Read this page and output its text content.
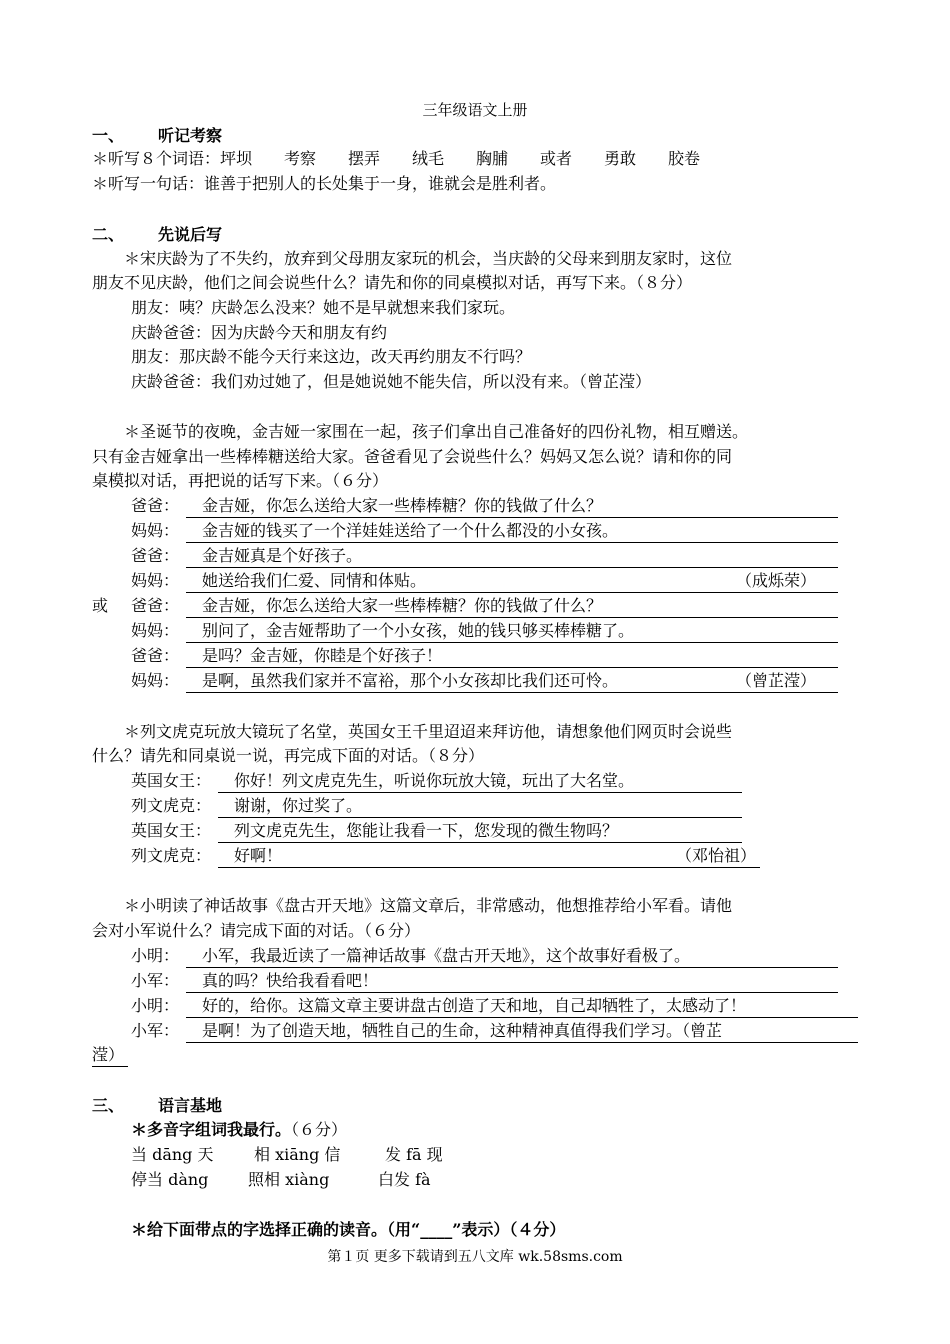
三年级语文上册
一、 听记考察
＊听写８个词语：坪坝　　考察　　摆弄　　绒毛　　胸脯　　或者　　勇敢　　胶卷
＊听写一句话：谁善于把别人的长处集于一身，谁就会是胜利者。
二、 先说后写
＊宋庆龄为了不失约，放弃到父母朋友家玩的机会，当庆龄的父母来到朋友家时，这位
朋友不见庆龄，他们之间会说些什么？请先和你的同桌模拟对话，再写下来。（８分）
朋友：咦？庆龄怎么没来？她不是早就想来我们家玩。
庆龄爸爸：因为庆龄今天和朋友有约
朋友：那庆龄不能今天行来这边，改天再约朋友不行吗？
庆龄爸爸：我们劝过她了，但是她说她不能失信，所以没有来。（曾芷滢）
＊圣诞节的夜晚，金吉娅一家围在一起，孩子们拿出自己准备好的四份礼物，相互赠送。
只有金吉娅拿出一些棒棒糖送给大家。爸爸看见了会说些什么？妈妈又怎么说？请和你的同
桌模拟对话，再把说的话写下来。（６分）
爸爸： 　金吉娅，你怎么送给大家一些棒棒糖？你的钱做了什么？
妈妈： 　金吉娅的钱买了一个洋娃娃送给了一个什么都没的小女孩。
爸爸： 　金吉娅真是个好孩子。
妈妈： 　她送给我们仁爱、同情和体贴。	（成烁荣）
或 爸爸： 　金吉娅，你怎么送给大家一些棒棒糖？你的钱做了什么？
妈妈： 　别问了，金吉娅帮助了一个小女孩，她的钱只够买棒棒糖了。
爸爸： 　是吗？金吉娅，你睦是个好孩子！
妈妈： 　是啊，虽然我们家并不富裕，那个小女孩却比我们还可怜。	（曾芷滢）
＊列文虎克玩放大镜玩了名堂，英国女王千里迢迢来拜访他，请想象他们网页时会说些
什么？请先和同桌说一说，再完成下面的对话。（８分）
英国女王： 　你好！列文虎克先生，听说你玩放大镜，玩出了大名堂。
列文虎克： 　谢谢，你过奖了。
英国女王： 　列文虎克先生，您能让我看一下，您发现的微生物吗？
列文虎克： 　好啊！	（邓怡祖）
＊小明读了神话故事《盘古开天地》这篇文章后，非常感动，他想推荐给小军看。请他
会对小军说什么？请完成下面的对话。（６分）
小明： 　小军，我最近读了一篇神话故事《盘古开天地》，这个故事好看极了。
小军： 　真的吗？快给我看看吧！
小明： 　好的，给你。这篇文章主要讲盘古创造了天和地，自己却牺牲了，太感动了！
小军： 　是啊！为了创造天地，牺牲自己的生命，这种精神真值得我们学习。（曾芷
滢）
三、 语言基地
＊多音字组词我最行。（６分）
当 dāng 天	相 xiāng 信	发 fā 现
停当 dàng 照相 xiàng	白发 fà
＊给下面带点的字选择正确的读音。（用“____”表示）（４分）
第１页 更多下载请到五八文库 wk.58sms.com
